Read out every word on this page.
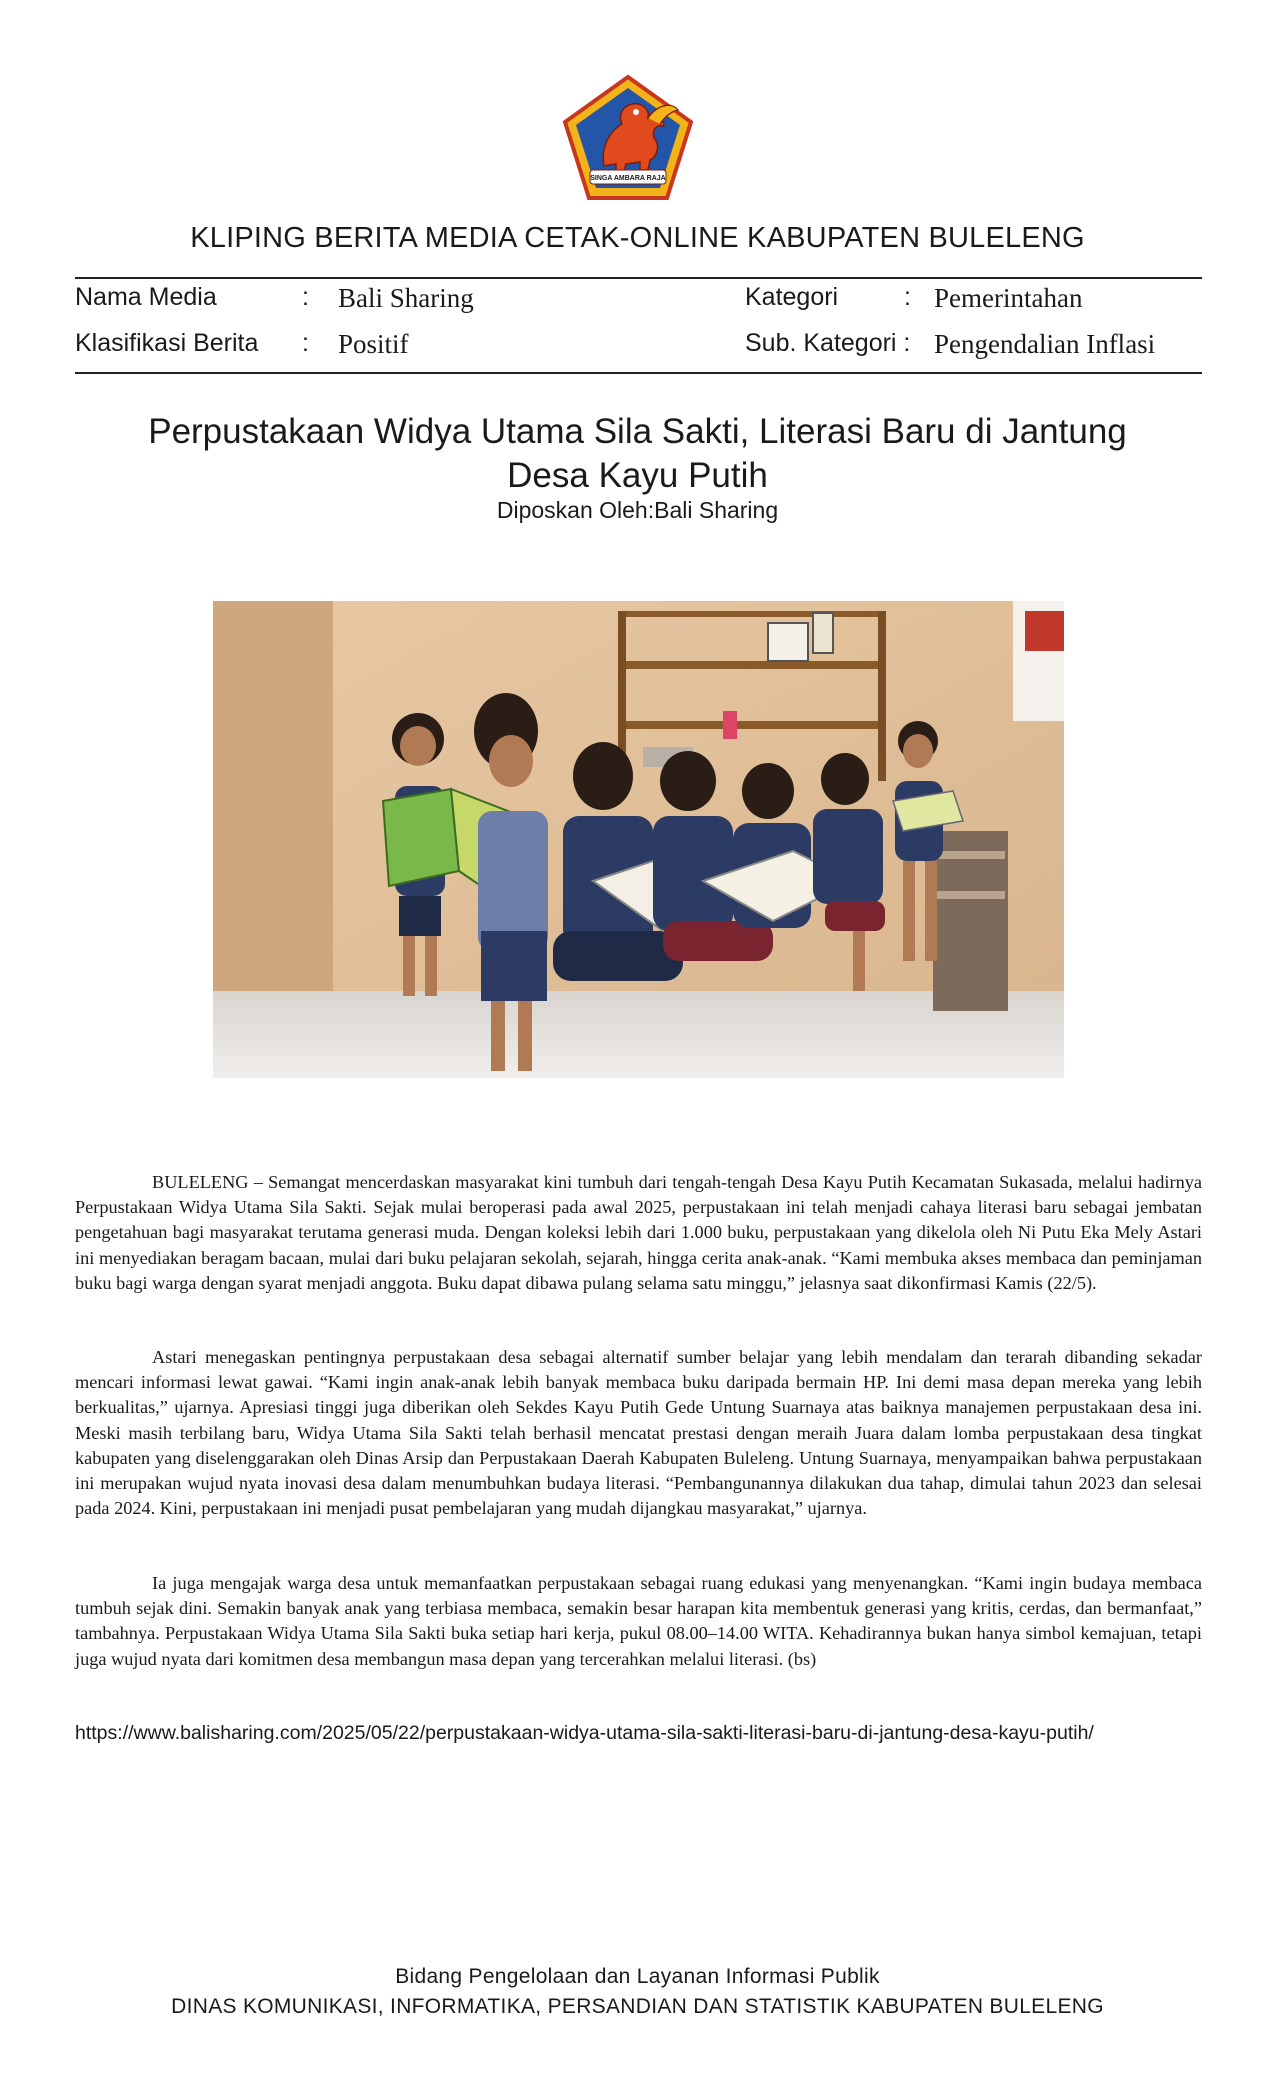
SINGA AMBARA RAJA
KLIPING BERITA MEDIA CETAK-ONLINE KABUPATEN BULELENG
Nama Media	: Bali Sharing	Kategori	: Pemerintahan
Klasifikasi Berita : Positif	Sub. Kategori : Pengendalian Inflasi
Perpustakaan Widya Utama Sila Sakti, Literasi Baru di Jantung
Desa Kayu Putih
Diposkan Oleh:Bali Sharing

BULELENG – Semangat mencerdaskan masyarakat kini tumbuh dari tengah-tengah Desa Kayu Putih Kecamatan Sukasada, melalui hadirnya Perpustakaan Widya Utama Sila Sakti. Sejak mulai beroperasi pada awal 2025, perpustakaan ini telah menjadi cahaya literasi baru sebagai jembatan pengetahuan bagi masyarakat terutama generasi muda. Dengan koleksi lebih dari 1.000 buku, perpustakaan yang dikelola oleh Ni Putu Eka Mely Astari ini menyediakan beragam bacaan, mulai dari buku pelajaran sekolah, sejarah, hingga cerita anak-anak. “Kami membuka akses membaca dan peminjaman buku bagi warga dengan syarat menjadi anggota. Buku dapat dibawa pulang selama satu minggu,” jelasnya saat dikonfirmasi Kamis (22/5).

Astari menegaskan pentingnya perpustakaan desa sebagai alternatif sumber belajar yang lebih mendalam dan terarah dibanding sekadar mencari informasi lewat gawai. “Kami ingin anak-anak lebih banyak membaca buku daripada bermain HP. Ini demi masa depan mereka yang lebih berkualitas,” ujarnya. Apresiasi tinggi juga diberikan oleh Sekdes Kayu Putih Gede Untung Suarnaya atas baiknya manajemen perpustakaan desa ini. Meski masih terbilang baru, Widya Utama Sila Sakti telah berhasil mencatat prestasi dengan meraih Juara dalam lomba perpustakaan desa tingkat kabupaten yang diselenggarakan oleh Dinas Arsip dan Perpustakaan Daerah Kabupaten Buleleng. Untung Suarnaya, menyampaikan bahwa perpustakaan ini merupakan wujud nyata inovasi desa dalam menumbuhkan budaya literasi. “Pembangunannya dilakukan dua tahap, dimulai tahun 2023 dan selesai pada 2024. Kini, perpustakaan ini menjadi pusat pembelajaran yang mudah dijangkau masyarakat,” ujarnya.

Ia juga mengajak warga desa untuk memanfaatkan perpustakaan sebagai ruang edukasi yang menyenangkan. “Kami ingin budaya membaca tumbuh sejak dini. Semakin banyak anak yang terbiasa membaca, semakin besar harapan kita membentuk generasi yang kritis, cerdas, dan bermanfaat,” tambahnya. Perpustakaan Widya Utama Sila Sakti buka setiap hari kerja, pukul 08.00–14.00 WITA. Kehadirannya bukan hanya simbol kemajuan, tetapi juga wujud nyata dari komitmen desa membangun masa depan yang tercerahkan melalui literasi. (bs)

https://www.balisharing.com/2025/05/22/perpustakaan-widya-utama-sila-sakti-literasi-baru-di-jantung-desa-kayu-putih/
Bidang Pengelolaan dan Layanan Informasi Publik
DINAS KOMUNIKASI, INFORMATIKA, PERSANDIAN DAN STATISTIK KABUPATEN BULELENG
